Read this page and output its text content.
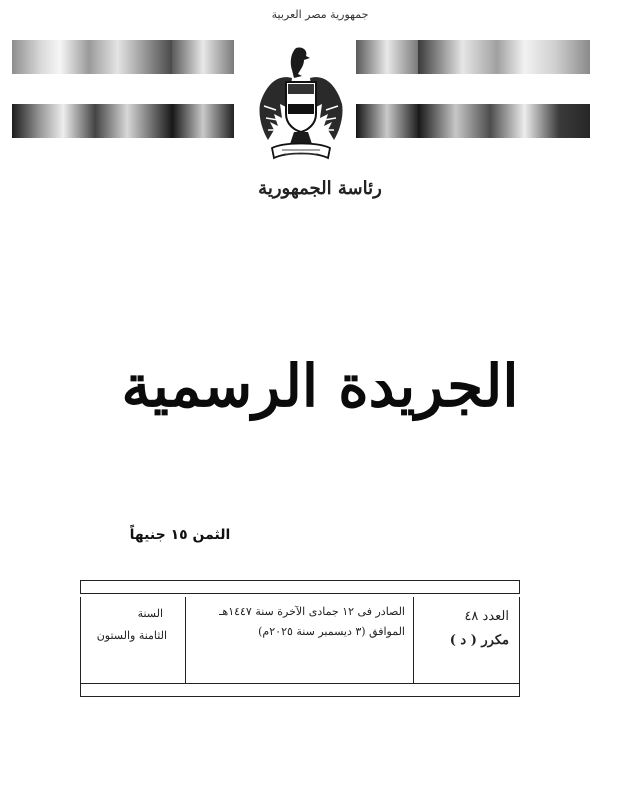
جمهورية مصر العربية
رئاسة الجمهورية
الجريدة الرسمية
الثمن ١٥ جنيهاً
السنة
الثامنة والستون
الصادر فى ١٢ جمادى الآخرة سنة ١٤٤٧هـ
الموافق (٣ ديسمبر سنة ٢٠٢٥م)
العدد ٤٨
مكرر ( د )
